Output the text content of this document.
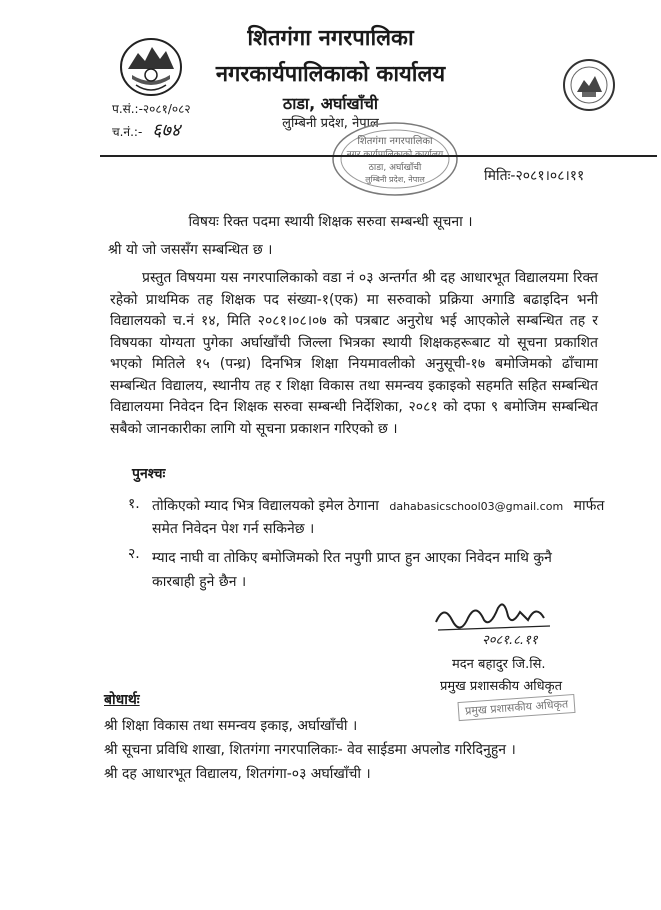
शितगंगा नगरपालिका
नगरकार्यपालिकाको कार्यालय
ठाडा, अर्घाखाँची
लुम्बिनी प्रदेश, नेपाल
प.सं.:-२०८१/०८२
च.नं.:- ६७४
शितगंगा नगरपालिका
ठाडा, अर्घाखाँची
लुम्बिनी प्रदेश, नेपाल	मितिः-२०८१।०८।११
विषयः रिक्त पदमा स्थायी शिक्षक सरुवा सम्बन्धी सूचना ।
श्री यो जो जससँग सम्बन्धित छ ।
प्रस्तुत विषयमा यस नगरपालिकाको वडा नं ०३ अन्तर्गत श्री दह आधारभूत विद्यालयमा रिक्त रहेको प्राथमिक तह शिक्षक पद संख्या-१(एक) मा सरुवाको प्रक्रिया अगाडि बढाइदिन भनी विद्यालयको च.नं १४, मिति २०८१।०८।०७ को पत्रबाट अनुरोध भई आएकोले सम्बन्धित तह र विषयका योग्यता पुगेका अर्घाखाँची जिल्ला भित्रका स्थायी शिक्षकहरूबाट यो सूचना प्रकाशित भएको मितिले १५ (पन्ध्र) दिनभित्र शिक्षा नियमावलीको अनुसूची-१७ बमोजिमको ढाँचामा सम्बन्धित विद्यालय, स्थानीय तह र शिक्षा विकास तथा समन्वय इकाइको सहमति सहित सम्बन्धित विद्यालयमा निवेदन दिन शिक्षक सरुवा सम्बन्धी निर्देशिका, २०८१ को दफा ९ बमोजिम सम्बन्धित सबैको जानकारीका लागि यो सूचना प्रकाशन गरिएको छ ।
पुनश्चः
१. तोकिएको म्याद भित्र विद्यालयको इमेल ठेगाना dahabasicschool03@gmail.com मार्फत
समेत निवेदन पेश गर्न सकिनेछ ।
२. म्याद नाघी वा तोकिए बमोजिमको रित नपुगी प्राप्त हुन आएका निवेदन माथि कुनै
कारबाही हुने छैन ।
२०८१.८.११
मदन बहादुर जि.सि.
प्रमुख प्रशासकीय अधिकृत
प्रमुख प्रशासकीय अधिकृत
बोधार्थः
श्री शिक्षा विकास तथा समन्वय इकाइ, अर्घाखाँची ।
श्री सूचना प्रविधि शाखा, शितगंगा नगरपालिकाः- वेव साईडमा अपलोड गरिदिनुहुन ।
श्री दह आधारभूत विद्यालय, शितगंगा-०३ अर्घाखाँची ।
